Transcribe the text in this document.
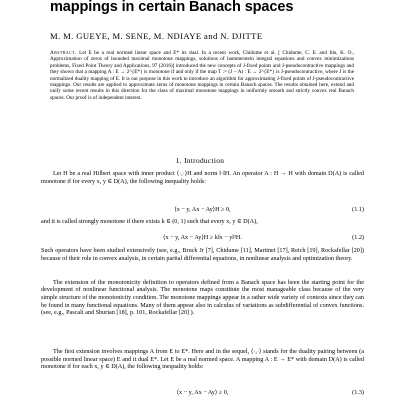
mappings in certain Banach spaces
M. M. GUEYE, M. SENE, M. NDIAYE and N. DJITTE

Abstract. Let E be a real normed linear space and E* its dual. In a recent work, Chidume et al. [ Chidume, C. E. and Idu, K. O., Approximation of zeros of bounded maximal monotone mappings, solutions of hammerstein integral equations and convex minimizations problems, Fixed Point Theory and Applications, 97 (2016)] introduced the new concepts of J-fixed points and J-pseudocontractive mappings and they shown that a mapping A : E → 2^{E*} is monotone if and only if the map T := (J − A) : E → 2^{E*} is J-pseudocontractive, where J is the normalized duality mapping of E. It is our purpose in this work to introduce an algorithm for approximating J-fixed points of J-pseudocontractive mappings. Our results are applied to approximate zeros of monotone mappings in certain Banach spaces. The results obtained here, extend and unify some recent results in this direction for the class of maximal monotone mappings in uniformly smooth and strictly convex real Banach spaces. Our proof is of independent interest.

1. Introduction

Let H be a real Hilbert space with inner product ⟨·,·⟩H and norm ‖·‖H. An operator A : H → H with domain D(A) is called monotone if for every x, y ∈ D(A), the following inequality holds:

⟨x − y, Ax − Ay⟩H ≥ 0,	(1.1)

and it is called strongly monotone if there exists k ∈ (0, 1) such that every x, y ∈ D(A),

⟨x − y, Ax − Ay⟩H ≥ k‖x − y‖²H.	(1.2)

Such operators have been studied extensively (see, e.g., Bruck Jr [7], Chidume [11], Martinet [17], Reich [19], Rockafellar [20]) because of their role in convex analysis, in certain partial differential equations, in nonlinear analysis and optimization theory.

The extension of the monotonicity definition to operators defined from a Banach space has been the starting point for the development of nonlinear functional analysis. The monotone maps constitute the most manageable class because of the very simple structure of the monotonicity condition. The monotone mappings appear in a rather wide variety of contexts since they can be found in many functional equations. Many of them appear also in calculus of variations as subdifferential of convex functions. (see, e.g., Pascali and Sburian [18], p. 101, Rockafellar [20] ).

The first extension involves mappings A from E to E*. Here and in the sequel, ⟨·,·⟩ stands for the duality pairing between (a possible normed linear space) E and it dual E*. Let E be a real normed space. A mapping A : E → E* with domain D(A) is called monotone if for each x, y ∈ D(A), the following inequality holds:

⟨x − y, Ax − Ay⟩ ≥ 0,	(1.3)
